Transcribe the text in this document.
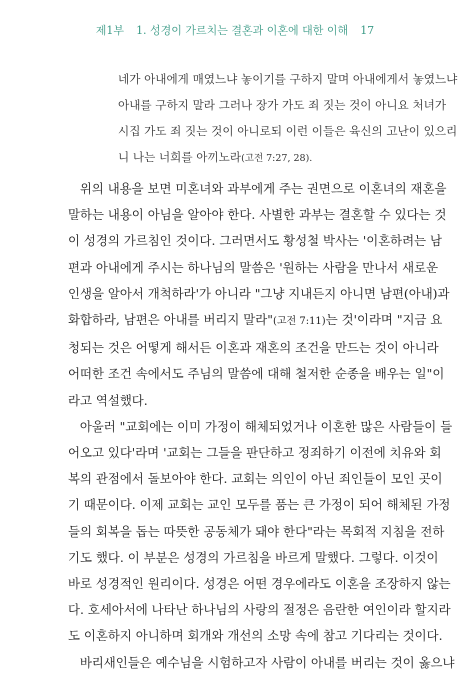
제1부 1. 성경이 가르치는 결혼과 이혼에 대한 이해 17
네가 아내에게 매였느냐 놓이기를 구하지 말며 아내에게서 놓였느냐
아내를 구하지 말라 그러나 장가 가도 죄 짓는 것이 아니요 처녀가
시집 가도 죄 짓는 것이 아니로되 이런 이들은 육신의 고난이 있으리
니 나는 너희를 아끼노라(고전 7:27, 28).

위의 내용을 보면 미혼녀와 과부에게 주는 권면으로 이혼녀의 재혼을
말하는 내용이 아님을 알아야 한다. 사별한 과부는 결혼할 수 있다는 것
이 성경의 가르침인 것이다. 그러면서도 황성철 박사는 '이혼하려는 남
편과 아내에게 주시는 하나님의 말씀은 '원하는 사람을 만나서 새로운
인생을 알아서 개척하라'가 아니라 "그냥 지내든지 아니면 남편(아내)과
화합하라, 남편은 아내를 버리지 말라"(고전 7:11)는 것'이라며 "지금 요
청되는 것은 어떻게 해서든 이혼과 재혼의 조건을 만드는 것이 아니라
어떠한 조건 속에서도 주님의 말씀에 대해 철저한 순종을 배우는 일"이
라고 역설했다.

아울러 "교회에는 이미 가정이 해체되었거나 이혼한 많은 사람들이 들
어오고 있다'라며 '교회는 그들을 판단하고 정죄하기 이전에 치유와 회
복의 관점에서 돌보아야 한다. 교회는 의인이 아닌 죄인들이 모인 곳이
기 때문이다. 이제 교회는 교인 모두를 품는 큰 가정이 되어 해체된 가정
들의 회복을 돕는 따뜻한 공동체가 돼야 한다"라는 목회적 지침을 전하
기도 했다. 이 부분은 성경의 가르침을 바르게 말했다. 그렇다. 이것이
바로 성경적인 원리이다. 성경은 어떤 경우에라도 이혼을 조장하지 않는
다. 호세아서에 나타난 하나님의 사랑의 절정은 음란한 여인이라 할지라
도 이혼하지 아니하며 회개와 개선의 소망 속에 참고 기다리는 것이다.

바리새인들은 예수님을 시험하고자 사람이 아내를 버리는 것이 옳으냐
